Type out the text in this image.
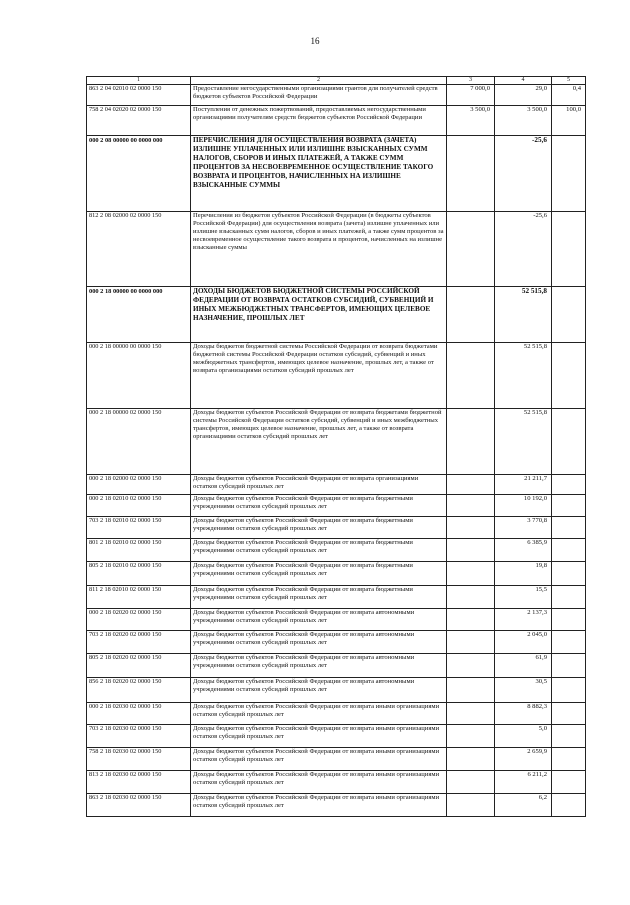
16
1	2	3	4	5
863 2 04 02010 02 0000 150	Предоставление негосударственными организациями грантов для получателей средств бюджетов субъектов Российской Федерации	7 000,0	29,0	0,4
758 2 04 02020 02 0000 150	Поступления от денежных пожертвований, предоставляемых негосударственными организациями получателям средств бюджетов субъектов Российской Федерации	3 500,0	3 500,0	100,0
000 2 08 00000 00 0000 000	ПЕРЕЧИСЛЕНИЯ ДЛЯ ОСУЩЕСТВЛЕНИЯ ВОЗВРАТА (ЗАЧЕТА) ИЗЛИШНЕ УПЛАЧЕННЫХ ИЛИ ИЗЛИШНЕ ВЗЫСКАННЫХ СУММ НАЛОГОВ, СБОРОВ И ИНЫХ ПЛАТЕЖЕЙ, А ТАКЖЕ СУММ ПРОЦЕНТОВ ЗА НЕСВОЕВРЕМЕННОЕ ОСУЩЕСТВЛЕНИЕ ТАКОГО ВОЗВРАТА И ПРОЦЕНТОВ, НАЧИСЛЕННЫХ НА ИЗЛИШНЕ ВЗЫСКАННЫЕ СУММЫ		-25,6	
812 2 08 02000 02 0000 150	Перечисления из бюджетов субъектов Российской Федерации (в бюджеты субъектов Российской Федерации) для осуществления возврата (зачета) излишне уплаченных или излишне взысканных сумм налогов, сборов и иных платежей, а также сумм процентов за несвоевременное осуществление такого возврата и процентов, начисленных на излишне взысканные суммы		-25,6	
000 2 18 00000 00 0000 000	ДОХОДЫ БЮДЖЕТОВ БЮДЖЕТНОЙ СИСТЕМЫ РОССИЙСКОЙ ФЕДЕРАЦИИ ОТ ВОЗВРАТА ОСТАТКОВ СУБСИДИЙ, СУБВЕНЦИЙ И ИНЫХ МЕЖБЮДЖЕТНЫХ ТРАНСФЕРТОВ, ИМЕЮЩИХ ЦЕЛЕВОЕ НАЗНАЧЕНИЕ, ПРОШЛЫХ ЛЕТ		52 515,8	
000 2 18 00000 00 0000 150	Доходы бюджетов бюджетной системы Российской Федерации от возврата бюджетами бюджетной системы Российской Федерации остатков субсидий, субвенций и иных межбюджетных трансфертов, имеющих целевое назначение, прошлых лет, а также от возврата организациями остатков субсидий прошлых лет		52 515,8	
000 2 18 00000 02 0000 150	Доходы бюджетов субъектов Российской Федерации от возврата бюджетами бюджетной системы Российской Федерации остатков субсидий, субвенций и иных межбюджетных трансфертов, имеющих целевое назначение, прошлых лет, а также от возврата организациями остатков субсидий прошлых лет		52 515,8	
000 2 18 02000 02 0000 150	Доходы бюджетов субъектов Российской Федерации от возврата организациями остатков субсидий прошлых лет		21 211,7	
000 2 18 02010 02 0000 150	Доходы бюджетов субъектов Российской Федерации от возврата бюджетными учреждениями остатков субсидий прошлых лет		10 192,0	
703 2 18 02010 02 0000 150	Доходы бюджетов субъектов Российской Федерации от возврата бюджетными учреждениями остатков субсидий прошлых лет		3 770,8	
801 2 18 02010 02 0000 150	Доходы бюджетов субъектов Российской Федерации от возврата бюджетными учреждениями остатков субсидий прошлых лет		6 385,9	
805 2 18 02010 02 0000 150	Доходы бюджетов субъектов Российской Федерации от возврата бюджетными учреждениями остатков субсидий прошлых лет		19,8	
811 2 18 02010 02 0000 150	Доходы бюджетов субъектов Российской Федерации от возврата бюджетными учреждениями остатков субсидий прошлых лет		15,5	
000 2 18 02020 02 0000 150	Доходы бюджетов субъектов Российской Федерации от возврата автономными учреждениями остатков субсидий прошлых лет		2 137,3	
703 2 18 02020 02 0000 150	Доходы бюджетов субъектов Российской Федерации от возврата автономными учреждениями остатков субсидий прошлых лет		2 045,0	
805 2 18 02020 02 0000 150	Доходы бюджетов субъектов Российской Федерации от возврата автономными учреждениями остатков субсидий прошлых лет		61,9	
856 2 18 02020 02 0000 150	Доходы бюджетов субъектов Российской Федерации от возврата автономными учреждениями остатков субсидий прошлых лет		30,5	
000 2 18 02030 02 0000 150	Доходы бюджетов субъектов Российской Федерации от возврата иными организациями остатков субсидий прошлых лет		8 882,3	
703 2 18 02030 02 0000 150	Доходы бюджетов субъектов Российской Федерации от возврата иными организациями остатков субсидий прошлых лет		5,0	
758 2 18 02030 02 0000 150	Доходы бюджетов субъектов Российской Федерации от возврата иными организациями остатков субсидий прошлых лет		2 659,9	
813 2 18 02030 02 0000 150	Доходы бюджетов субъектов Российской Федерации от возврата иными организациями остатков субсидий прошлых лет		6 211,2	
863 2 18 02030 02 0000 150	Доходы бюджетов субъектов Российской Федерации от возврата иными организациями остатков субсидий прошлых лет		6,2	
